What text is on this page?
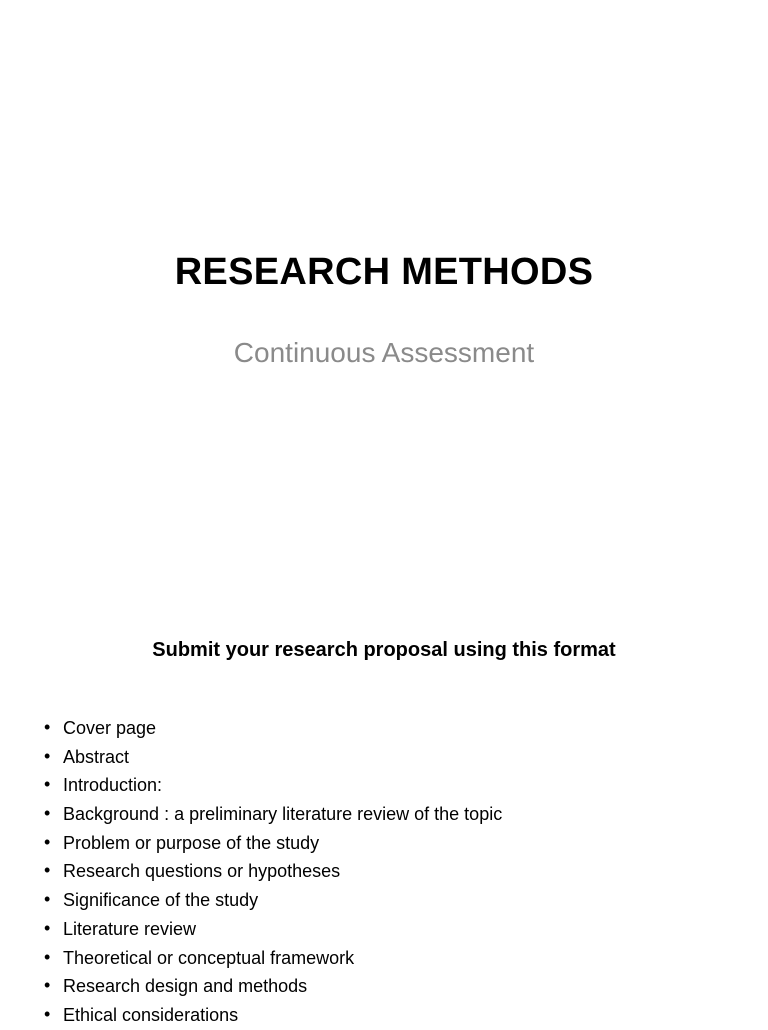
RESEARCH METHODS
Continuous Assessment
Submit your research proposal using this format
• Cover page
• Abstract
• Introduction:
• Background : a preliminary literature review of the topic
• Problem or purpose of the study
• Research questions or hypotheses
• Significance of the study
• Literature review
• Theoretical or conceptual framework
• Research design and methods
• Ethical considerations
